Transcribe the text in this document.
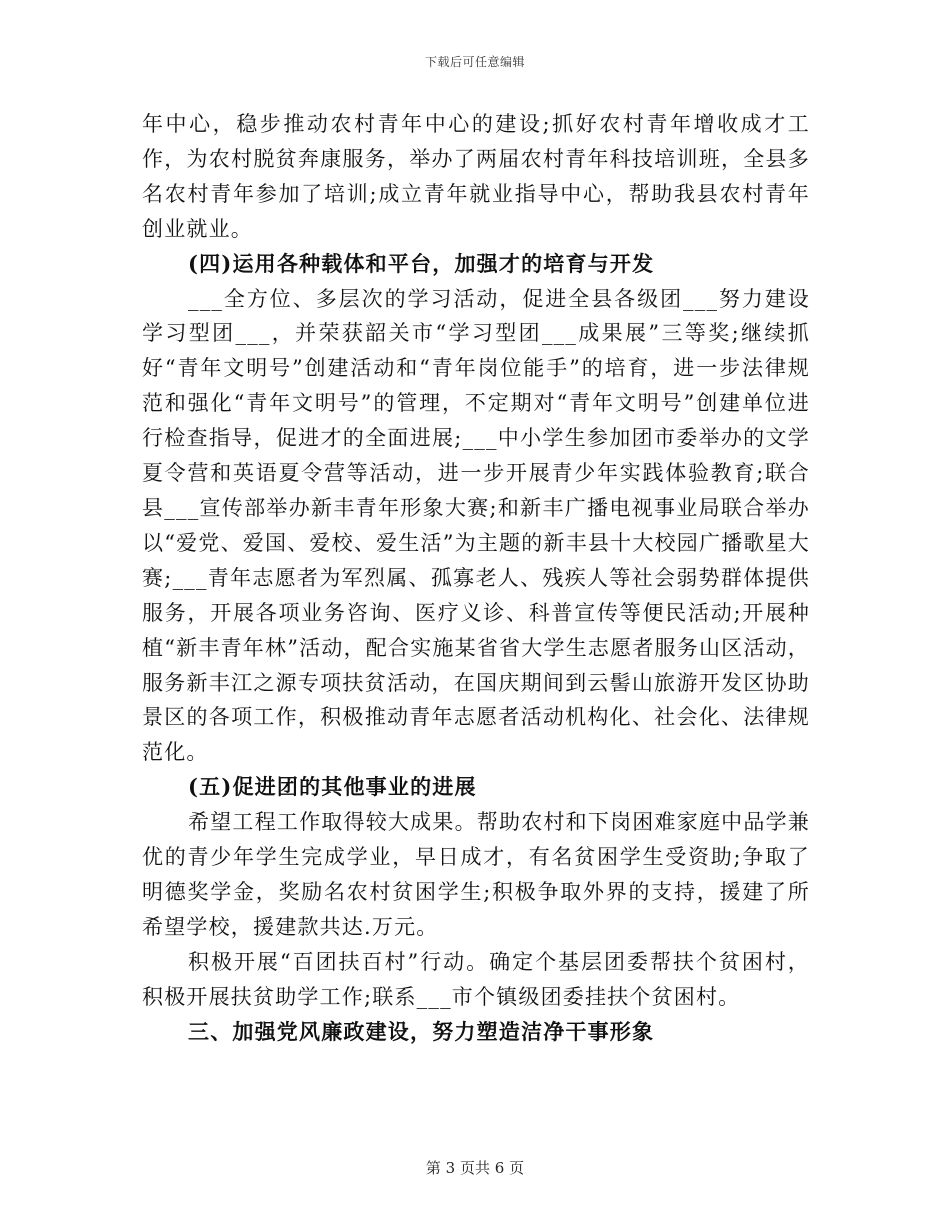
下载后可任意编辑

年中心，稳步推动农村青年中心的建设;抓好农村青年增收成才工作，为农村脱贫奔康服务，举办了两届农村青年科技培训班，全县多名农村青年参加了培训;成立青年就业指导中心，帮助我县农村青年创业就业。

(四)运用各种载体和平台，加强才的培育与开发

___全方位、多层次的学习活动，促进全县各级团___努力建设学习型团___，并荣获韶关市“学习型团___成果展”三等奖;继续抓好“青年文明号”创建活动和“青年岗位能手”的培育，进一步法律规范和强化“青年文明号”的管理，不定期对“青年文明号”创建单位进行检查指导，促进才的全面进展;___中小学生参加团市委举办的文学夏令营和英语夏令营等活动，进一步开展青少年实践体验教育;联合县___宣传部举办新丰青年形象大赛;和新丰广播电视事业局联合举办以“爱党、爱国、爱校、爱生活”为主题的新丰县十大校园广播歌星大赛;___青年志愿者为军烈属、孤寡老人、残疾人等社会弱势群体提供服务，开展各项业务咨询、医疗义诊、科普宣传等便民活动;开展种植“新丰青年林”活动，配合实施某省省大学生志愿者服务山区活动，服务新丰江之源专项扶贫活动，在国庆期间到云髻山旅游开发区协助景区的各项工作，积极推动青年志愿者活动机构化、社会化、法律规范化。

(五)促进团的其他事业的进展

希望工程工作取得较大成果。帮助农村和下岗困难家庭中品学兼优的青少年学生完成学业，早日成才，有名贫困学生受资助;争取了明德奖学金，奖励名农村贫困学生;积极争取外界的支持，援建了所希望学校，援建款共达.万元。

积极开展“百团扶百村”行动。确定个基层团委帮扶个贫困村，积极开展扶贫助学工作;联系___市个镇级团委挂扶个贫困村。

三、加强党风廉政建设，努力塑造洁净干事形象

第 3 页共 6 页
